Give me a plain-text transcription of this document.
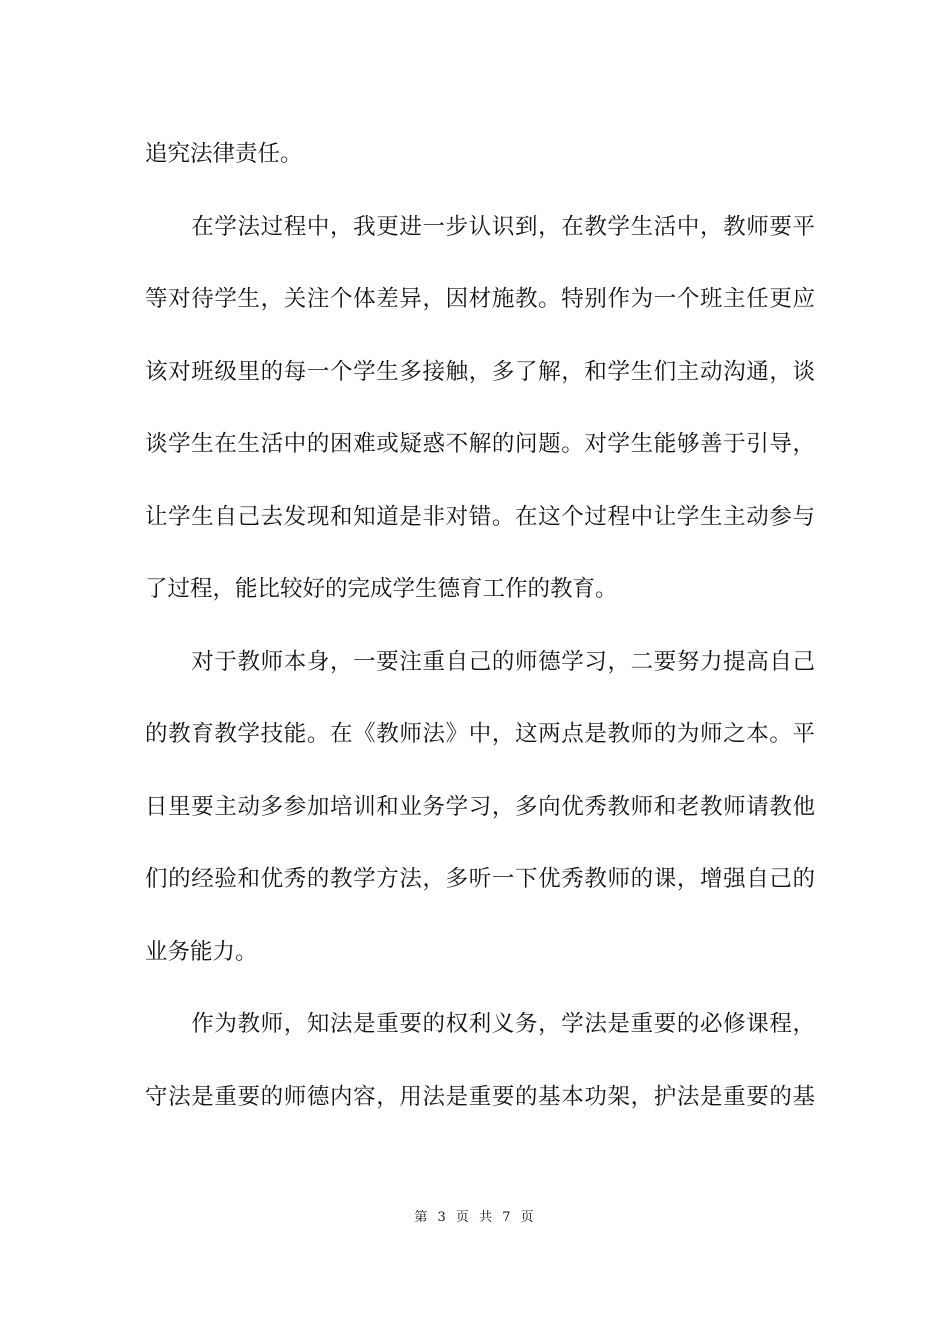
追究法律责任。
　　在学法过程中，我更进一步认识到，在教学生活中，教师要平
等对待学生，关注个体差异，因材施教。特别作为一个班主任更应
该对班级里的每一个学生多接触，多了解，和学生们主动沟通，谈
谈学生在生活中的困难或疑惑不解的问题。对学生能够善于引导，
让学生自己去发现和知道是非对错。在这个过程中让学生主动参与
了过程，能比较好的完成学生德育工作的教育。
　　对于教师本身，一要注重自己的师德学习，二要努力提高自己
的教育教学技能。在《教师法》中，这两点是教师的为师之本。平
日里要主动多参加培训和业务学习，多向优秀教师和老教师请教他
们的经验和优秀的教学方法，多听一下优秀教师的课，增强自己的
业务能力。
　　作为教师，知法是重要的权利义务，学法是重要的必修课程，
守法是重要的师德内容，用法是重要的基本功架，护法是重要的基
第 3 页 共 7 页
